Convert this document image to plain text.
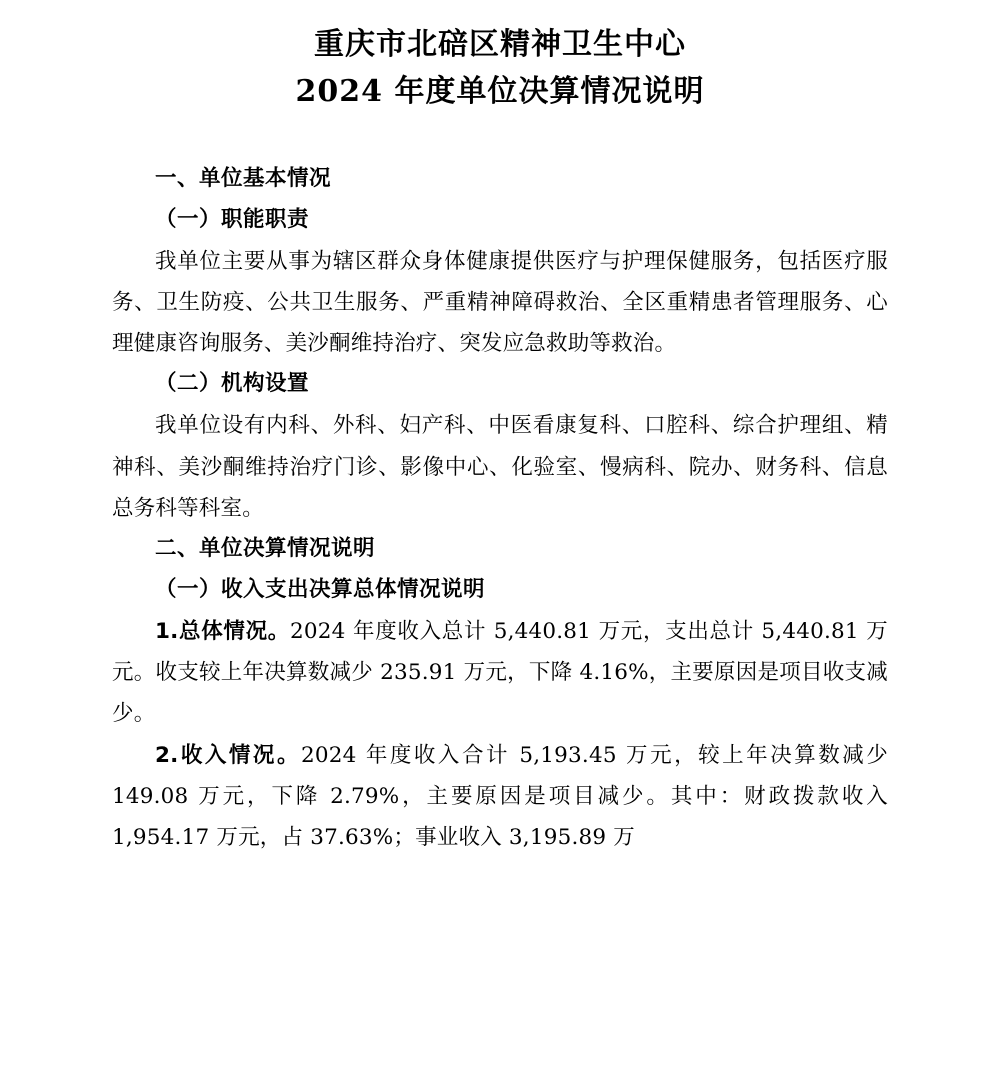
重庆市北碚区精神卫生中心
2024 年度单位决算情况说明
一、单位基本情况
（一）职能职责

我单位主要从事为辖区群众身体健康提供医疗与护理保健服务，包括医疗服务、卫生防疫、公共卫生服务、严重精神障碍救治、全区重精患者管理服务、心理健康咨询服务、美沙酮维持治疗、突发应急救助等救治。

（二）机构设置

我单位设有内科、外科、妇产科、中医看康复科、口腔科、综合护理组、精神科、美沙酮维持治疗门诊、影像中心、化验室、慢病科、院办、财务科、信息总务科等科室。

二、单位决算情况说明
（一）收入支出决算总体情况说明

1.总体情况。2024 年度收入总计 5,440.81 万元，支出总计 5,440.81 万元。收支较上年决算数减少 235.91 万元，下降 4.16%，主要原因是项目收支减少。

2.收入情况。2024 年度收入合计 5,193.45 万元，较上年决算数减少 149.08 万元，下降 2.79%，主要原因是项目减少。其中：财政拨款收入 1,954.17 万元，占 37.63%；事业收入 3,195.89 万
